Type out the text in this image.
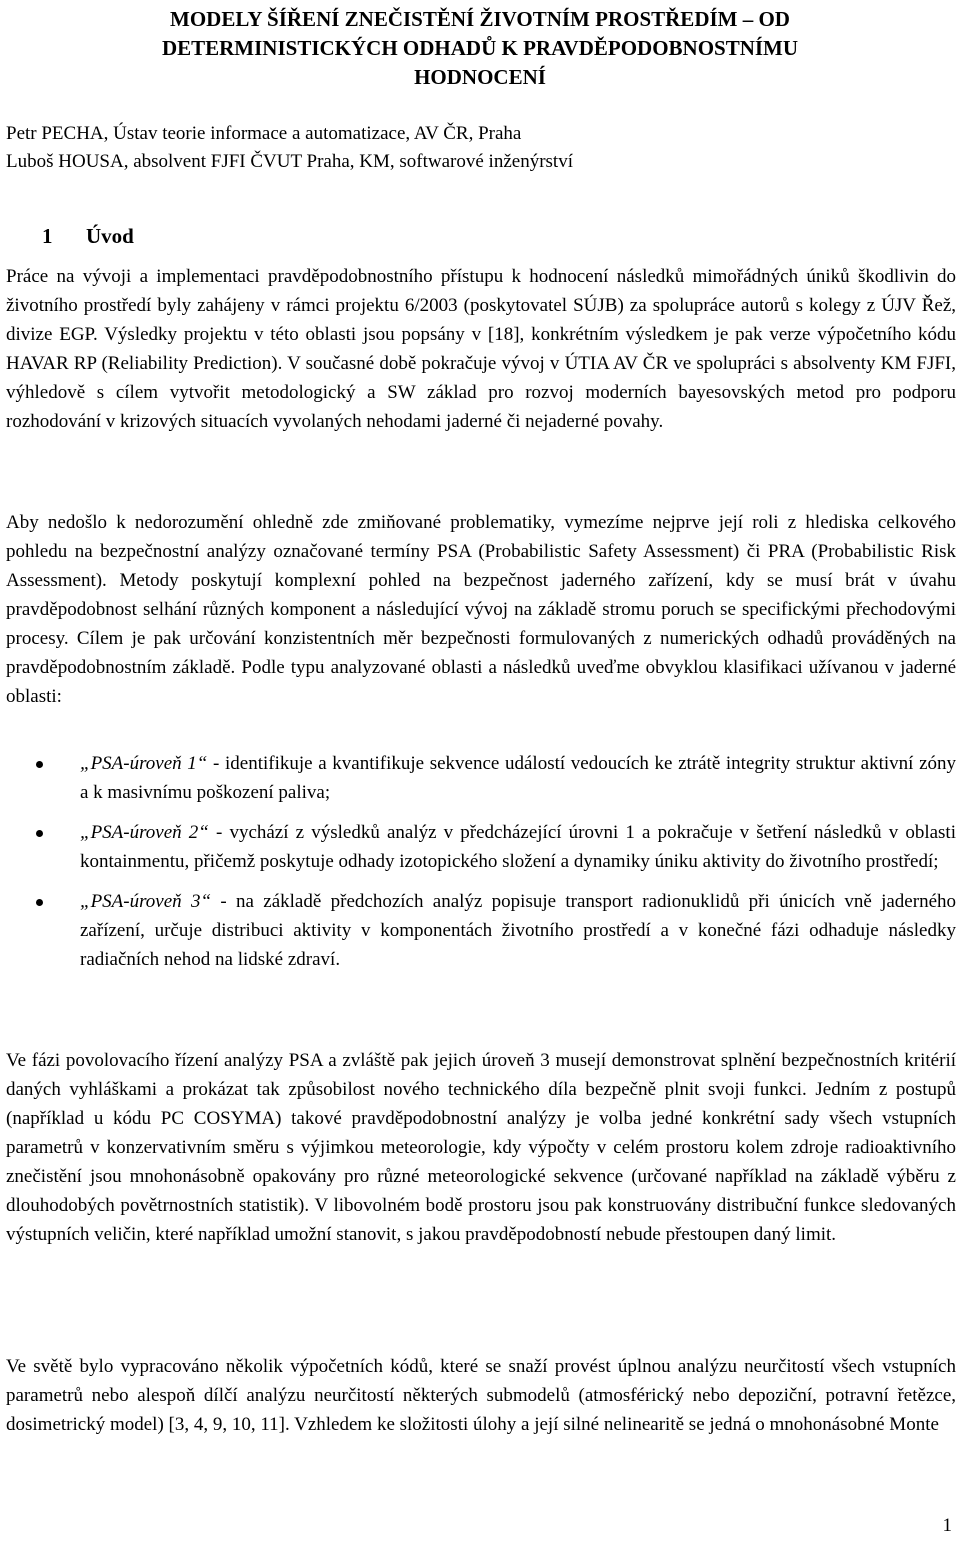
MODELY ŠÍŘENÍ ZNEČISTĚNÍ ŽIVOTNÍM PROSTŘEDÍM – OD
DETERMINISTICKÝCH ODHADŮ K PRAVDĚPODOBNOSTNÍMU
HODNOCENÍ
Petr PECHA, Ústav teorie informace a automatizace, AV ČR, Praha
Luboš HOUSA, absolvent FJFI ČVUT Praha, KM, softwarové inženýrství
1 Úvod

Práce na vývoji a implementaci pravděpodobnostního přístupu k hodnocení následků mimořádných úniků škodlivin do životního prostředí byly zahájeny v rámci projektu 6/2003 (poskytovatel SÚJB) za spolupráce autorů s kolegy z ÚJV Řež, divize EGP. Výsledky projektu v této oblasti jsou popsány v [18], konkrétním výsledkem je pak verze výpočetního kódu HAVAR RP (Reliability Prediction). V současné době pokračuje vývoj v ÚTIA AV ČR ve spolupráci s absolventy KM FJFI, výhledově s cílem vytvořit metodologický a SW základ pro rozvoj moderních bayesovských metod pro podporu rozhodování v krizových situacích vyvolaných nehodami jaderné či nejaderné povahy.

Aby nedošlo k nedorozumění ohledně zde zmiňované problematiky, vymezíme nejprve její roli z hlediska celkového pohledu na bezpečnostní analýzy označované termíny PSA (Probabilistic Safety Assessment) či PRA (Probabilistic Risk Assessment). Metody poskytují komplexní pohled na bezpečnost jaderného zařízení, kdy se musí brát v úvahu pravděpodobnost selhání různých komponent a následující vývoj na základě stromu poruch se specifickými přechodovými procesy. Cílem je pak určování konzistentních měr bezpečnosti formulovaných z numerických odhadů prováděných na pravděpodobnostním základě. Podle typu analyzované oblasti a následků uveďme obvyklou klasifikaci užívanou v jaderné oblasti:

„PSA-úroveň 1“ - identifikuje a kvantifikuje sekvence událostí vedoucích ke ztrátě integrity struktur aktivní zóny a k masivnímu poškození paliva;
„PSA-úroveň 2“ - vychází z výsledků analýz v předcházející úrovni 1 a pokračuje v šetření následků v oblasti kontainmentu, přičemž poskytuje odhady izotopického složení a dynamiky úniku aktivity do životního prostředí;
„PSA-úroveň 3“ - na základě předchozích analýz popisuje transport radionuklidů při únicích vně jaderného zařízení, určuje distribuci aktivity v komponentách životního prostředí a v konečné fázi odhaduje následky radiačních nehod na lidské zdraví.

Ve fázi povolovacího řízení analýzy PSA a zvláště pak jejich úroveň 3 musejí demonstrovat splnění bezpečnostních kritérií daných vyhláškami a prokázat tak způsobilost nového technického díla bezpečně plnit svoji funkci. Jedním z postupů (například u kódu PC COSYMA) takové pravděpodobnostní analýzy je volba jedné konkrétní sady všech vstupních parametrů v konzervativním směru s výjimkou meteorologie, kdy výpočty v celém prostoru kolem zdroje radioaktivního znečistění jsou mnohonásobně opakovány pro různé meteorologické sekvence (určované například na základě výběru z dlouhodobých povětrnostních statistik). V libovolném bodě prostoru jsou pak konstruovány distribuční funkce sledovaných výstupních veličin, které například umožní stanovit, s jakou pravděpodobností nebude přestoupen daný limit.

Ve světě bylo vypracováno několik výpočetních kódů, které se snaží provést úplnou analýzu neurčitostí všech vstupních parametrů nebo alespoň dílčí analýzu neurčitostí některých submodelů (atmosférický nebo depoziční, potravní řetězce, dosimetrický model) [3, 4, 9, 10, 11]. Vzhledem ke složitosti úlohy a její silné nelinearitě se jedná o mnohonásobné Monte

1
